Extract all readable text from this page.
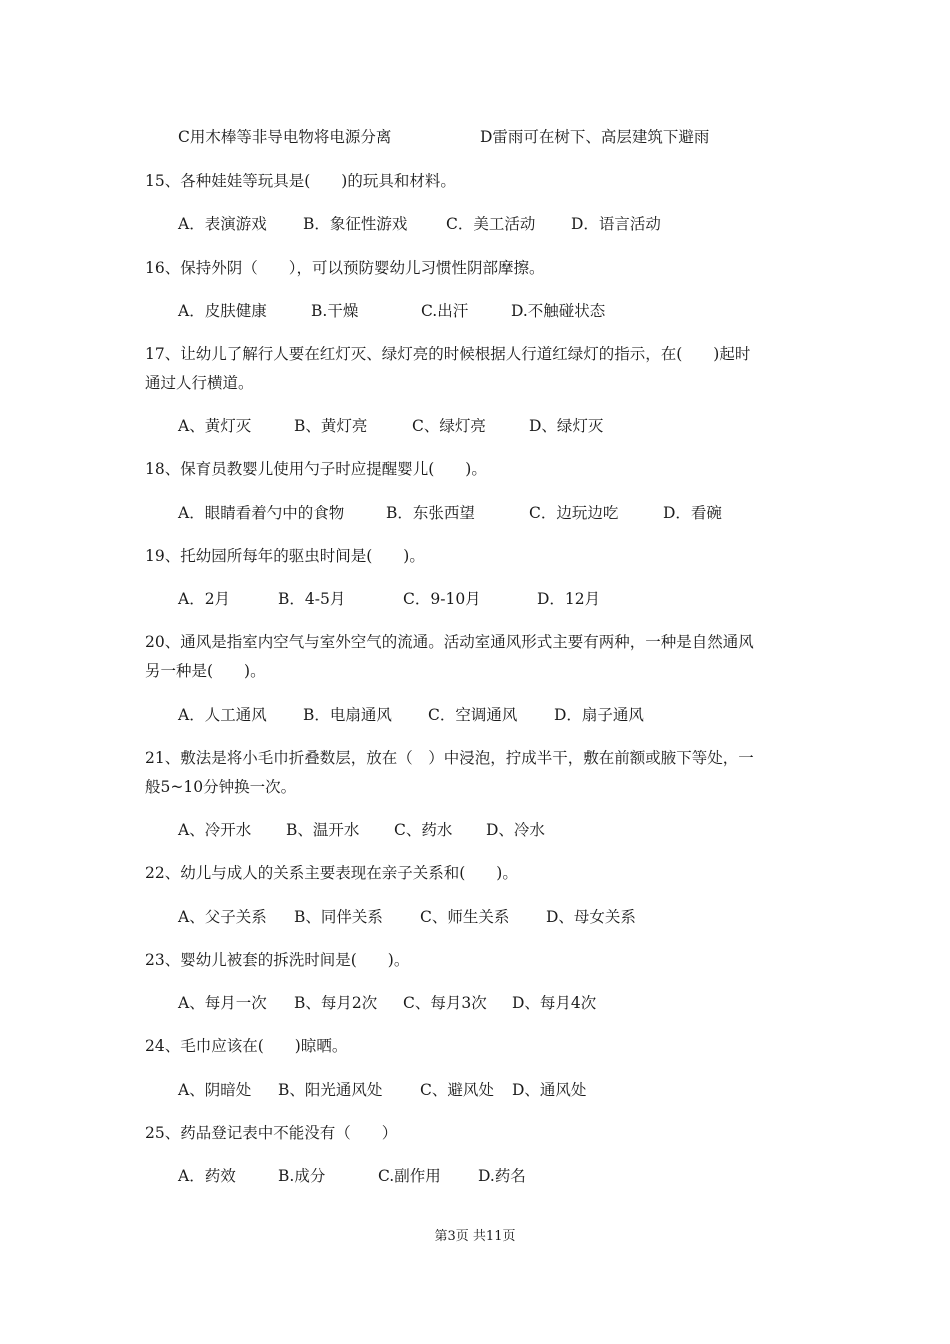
C用木棒等非导电物将电源分离

	D雷雨可在树下、高层建筑下避雨

15、各种娃娃等玩具是(　　)的玩具和材料。

A．表演游戏

B．象征性游戏

C．美工活动

D．语言活动

16、保持外阴（　　），可以预防婴幼儿习惯性阴部摩擦。

A．皮肤健康

	B.干燥

	C.出汗

	D.不触碰状态

17、让幼儿了解行人要在红灯灭、绿灯亮的时候根据人行道红绿灯的指示，在(　　)起时
通过人行横道。

A、黄灯灭

	B、黄灯亮

	C、绿灯亮

	D、绿灯灭

18、保育员教婴儿使用勺子时应提醒婴儿(　　)。

A．眼睛看着勺中的食物

	B．东张西望

	C．边玩边吃

	D．看碗

19、托幼园所每年的驱虫时间是(　　)。

A．2月

	B．4-5月

	C．9-10月

	D．12月

20、通风是指室内空气与室外空气的流通。活动室通风形式主要有两种，一种是自然通风
另一种是(　　)。

A．人工通风

B．电扇通风

C．空调通风

D．扇子通风

21、敷法是将小毛巾折叠数层，放在（　）中浸泡，拧成半干，敷在前额或腋下等处，一
般5~10分钟换一次。

A、冷开水

B、温开水

C、药水

D、冷水

22、幼儿与成人的关系主要表现在亲子关系和(　　)。

A、父子关系

B、同伴关系

C、师生关系

D、母女关系

23、婴幼儿被套的拆洗时间是(　　)。

A、每月一次

B、每月2次

C、每月3次

D、每月4次

24、毛巾应该在(　　)晾晒。

A、阴暗处

B、阳光通风处

C、避风处

D、通风处

25、药品登记表中不能没有（　　）

A．药效

	B.成分

	C.副作用

D.药名

第3页 共11页
